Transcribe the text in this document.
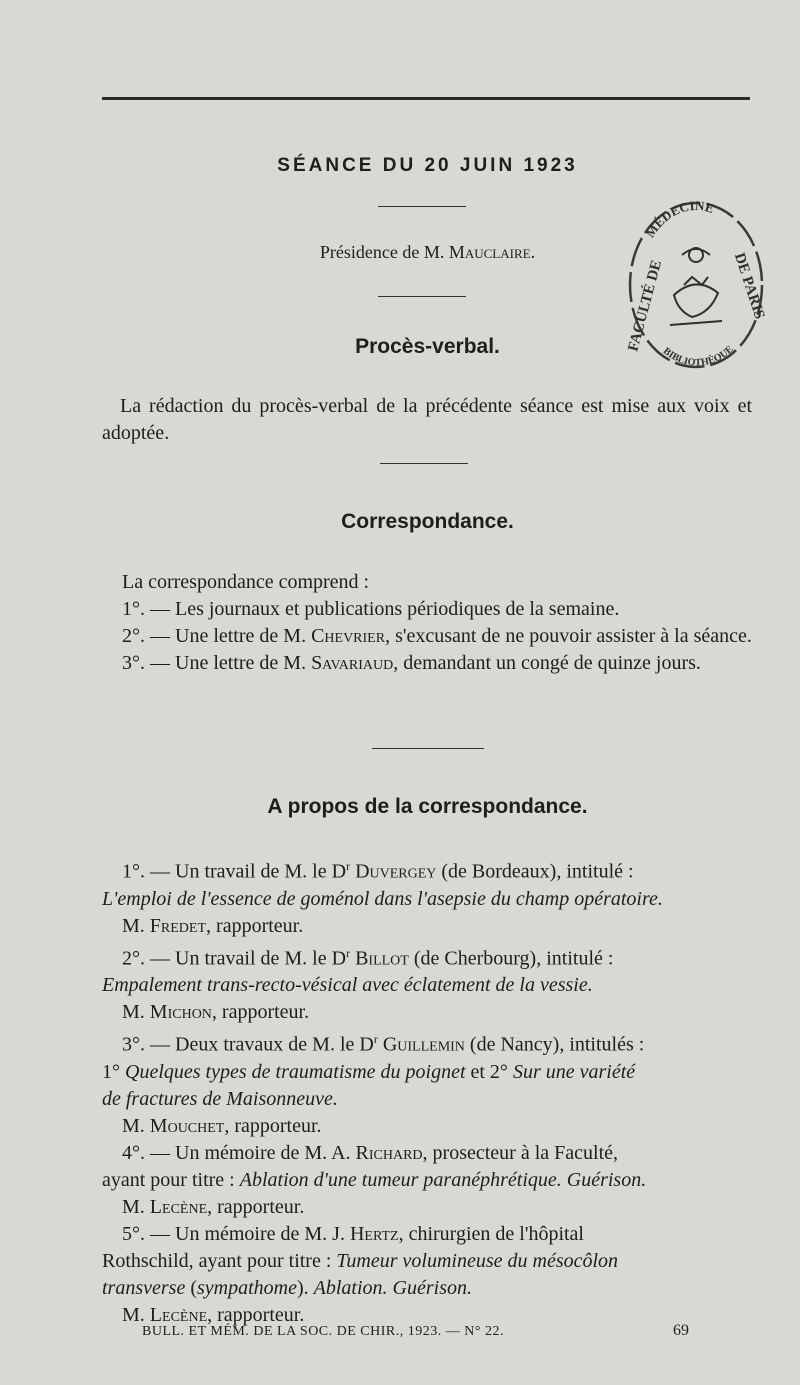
SÉANCE DU 20 JUIN 1923
Présidence de M. Mauclaire.
FACULTÉ DE	DE PARIS
MÉDECINE
BIBLIOTHÈQUE
Procès-verbal.
La rédaction du procès-verbal de la précédente séance est mise aux voix et adoptée.
Correspondance.
La correspondance comprend :
1°. — Les journaux et publications périodiques de la semaine.
2°. — Une lettre de M. Chevrier, s'excusant de ne pouvoir assister à la séance.
3°. — Une lettre de M. Savariaud, demandant un congé de quinze jours.
A propos de la correspondance.
1°. — Un travail de M. le $D^r$ Duvergey (de Bordeaux), intitulé :
L'emploi de l'essence de goménol dans l'asepsie du champ opératoire.
M. Fredet, rapporteur.
2°. — Un travail de M. le $D^r$ Billot (de Cherbourg), intitulé :
Empalement trans-recto-vésical avec éclatement de la vessie.
M. Michon, rapporteur.
3°. — Deux travaux de M. le $D^r$ Guillemin (de Nancy), intitulés :
1° Quelques types de traumatisme du poignet et 2° Sur une variété
de fractures de Maisonneuve.
M. Mouchet, rapporteur.
4°. — Un mémoire de M. A. Richard, prosecteur à la Faculté,
ayant pour titre : Ablation d'une tumeur paranéphrétique. Guérison.
M. Lecène, rapporteur.
5°. — Un mémoire de M. J. Hertz, chirurgien de l'hôpital
Rothschild, ayant pour titre : Tumeur volumineuse du mésocôlon
transverse (sympathome). Ablation. Guérison.
M. Lecène, rapporteur.
BULL. ET MÉM. DE LA SOC. DE CHIR., 1923. — N° 22.	69
